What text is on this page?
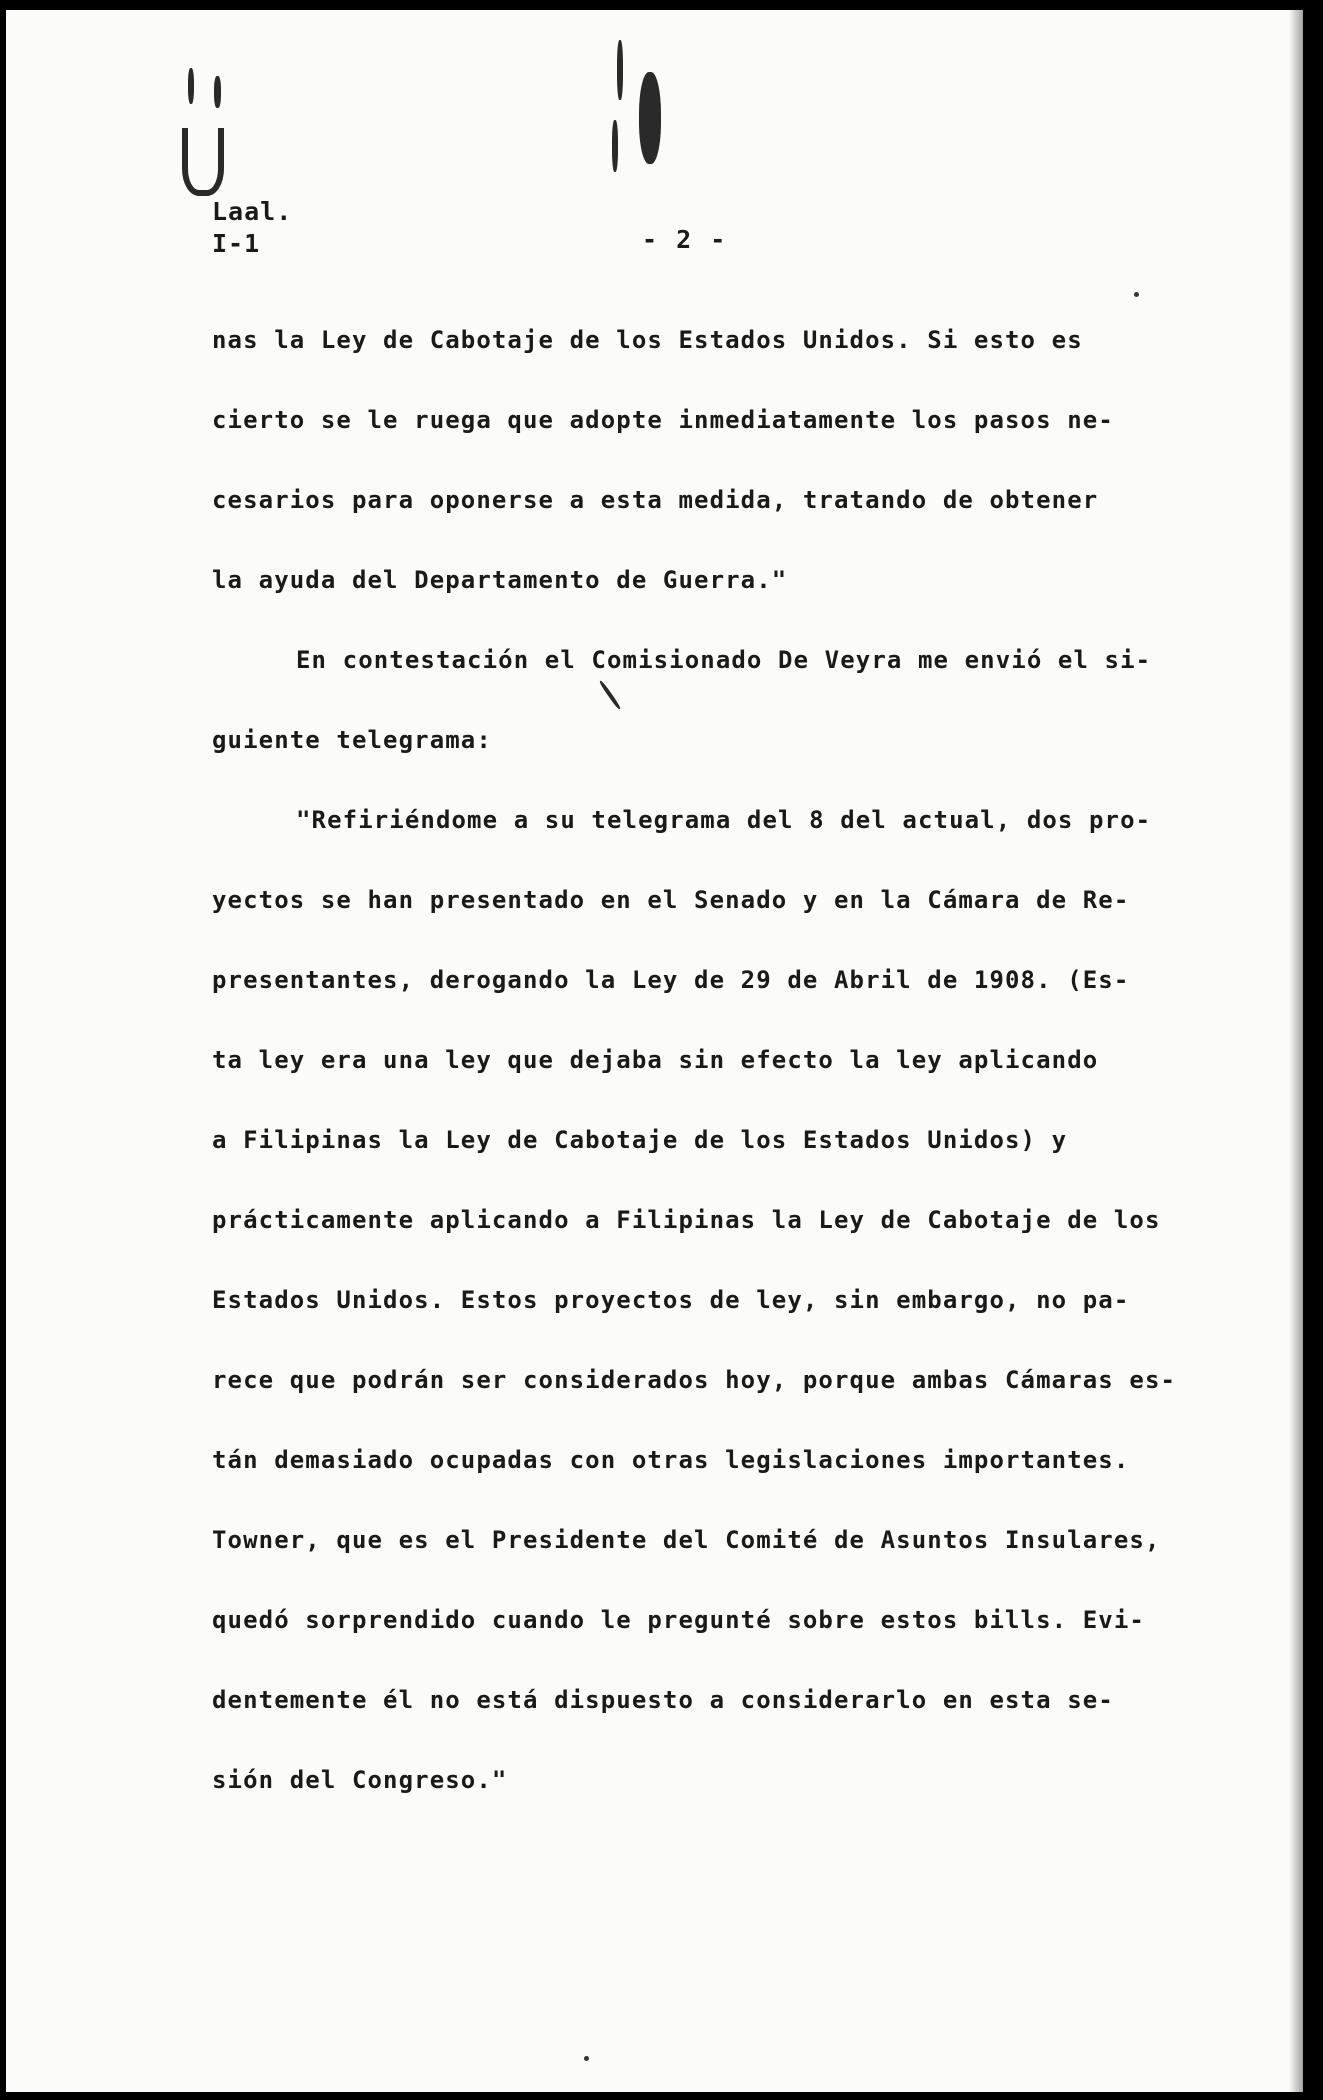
Laal.
I-1	- 2 -
nas la Ley de Cabotaje de los Estados Unidos. Si esto es
cierto se le ruega que adopte inmediatamente los pasos ne-
cesarios para oponerse a esta medida, tratando de obtener
la ayuda del Departamento de Guerra."
En contestación el Comisionado De Veyra me envió el si-
guiente telegrama:
"Refiriéndome a su telegrama del 8 del actual, dos pro-
yectos se han presentado en el Senado y en la Cámara de Re-
presentantes, derogando la Ley de 29 de Abril de 1908. (Es-
ta ley era una ley que dejaba sin efecto la ley aplicando
a Filipinas la Ley de Cabotaje de los Estados Unidos) y
prácticamente aplicando a Filipinas la Ley de Cabotaje de los
Estados Unidos. Estos proyectos de ley, sin embargo, no pa-
rece que podrán ser considerados hoy, porque ambas Cámaras es-
tán demasiado ocupadas con otras legislaciones importantes.
Towner, que es el Presidente del Comité de Asuntos Insulares,
quedó sorprendido cuando le pregunté sobre estos bills. Evi-
dentemente él no está dispuesto a considerarlo en esta se-
sión del Congreso."
